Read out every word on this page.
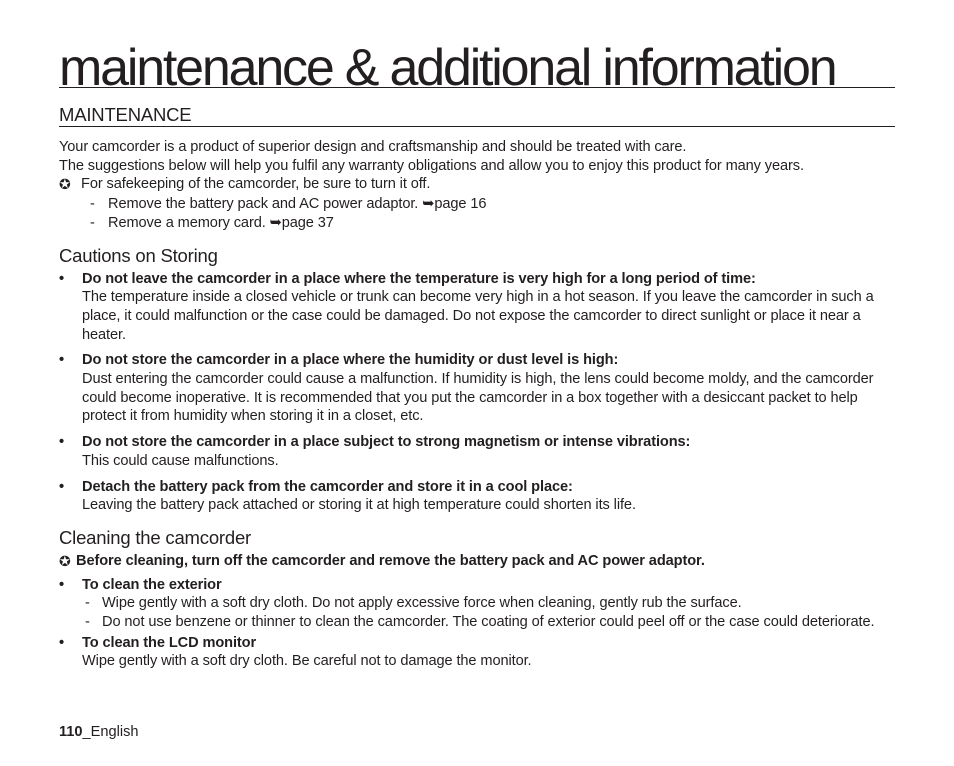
maintenance & additional information
MAINTENANCE

Your camcorder is a product of superior design and craftsmanship and should be treated with care.

The suggestions below will help you fulfil any warranty obligations and allow you to enjoy this product for many years.

✪ For safekeeping of the camcorder, be sure to turn it off.
- Remove the battery pack and AC power adaptor. ➥page 16
- Remove a memory card. ➥page 37
Cautions on Storing
• Do not leave the camcorder in a place where the temperature is very high for a long period of time:

The temperature inside a closed vehicle or trunk can become very high in a hot season. If you leave the camcorder in such a place, it could malfunction or the case could be damaged. Do not expose the camcorder to direct sunlight or place it near a heater.

• Do not store the camcorder in a place where the humidity or dust level is high:

Dust entering the camcorder could cause a malfunction. If humidity is high, the lens could become moldy, and the camcorder could become inoperative. It is recommended that you put the camcorder in a box together with a desiccant packet to help protect it from humidity when storing it in a closet, etc.

• Do not store the camcorder in a place subject to strong magnetism or intense vibrations:

This could cause malfunctions.

• Detach the battery pack from the camcorder and store it in a cool place:

Leaving the battery pack attached or storing it at high temperature could shorten its life.

Cleaning the camcorder
✪ Before cleaning, turn off the camcorder and remove the battery pack and AC power adaptor.
• To clean the exterior

- Wipe gently with a soft dry cloth. Do not apply excessive force when cleaning, gently rub the surface.
- Do not use benzene or thinner to clean the camcorder. The coating of exterior could peel off or the case could deteriorate.
• To clean the LCD monitor

Wipe gently with a soft dry cloth. Be careful not to damage the monitor.

110_English
